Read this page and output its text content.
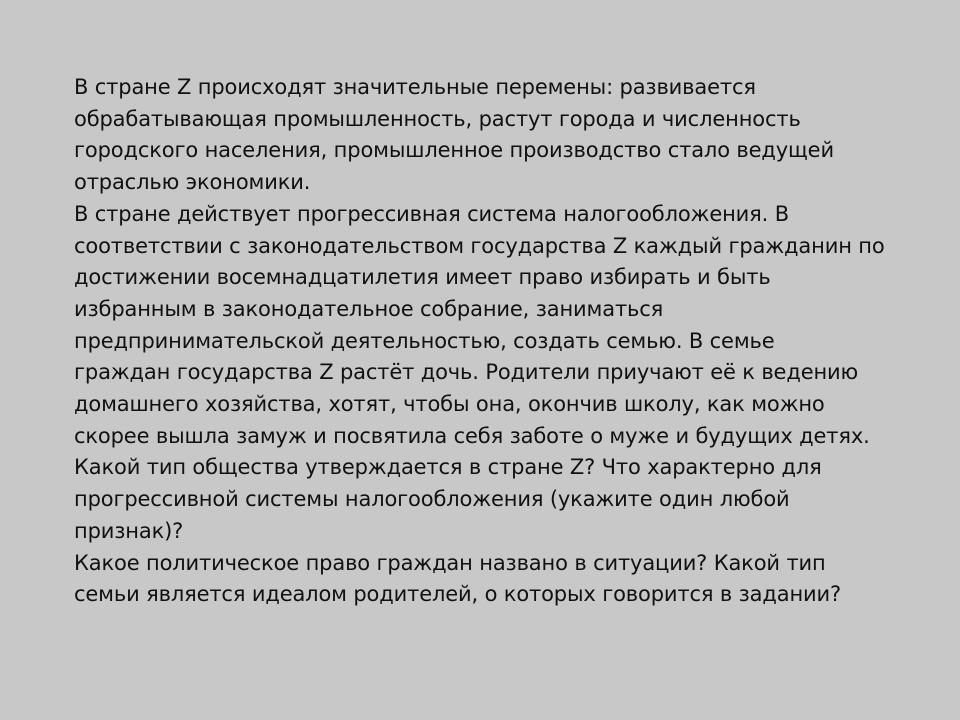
В стране Z происходят значительные перемены: развивается
обрабатывающая промышленность, растут города и численность
городского населения, промышленное производство стало ведущей
отраслью экономики.
В стране действует прогрессивная система налогообложения. В
соответствии с законодательством государства Z каждый гражданин по
достижении восемнадцатилетия имеет право избирать и быть
избранным в законодательное собрание, заниматься
предпринимательской деятельностью, создать семью. В семье
граждан государства Z растёт дочь. Родители приучают её к ведению
домашнего хозяйства, хотят, чтобы она, окончив школу, как можно
скорее вышла замуж и посвятила себя заботе о муже и будущих детях.
Какой тип общества утверждается в стране Z? Что характерно для
прогрессивной системы налогообложения (укажите один любой
признак)?
Какое политическое право граждан названо в ситуации? Какой тип
семьи является идеалом родителей, о которых говорится в задании?
